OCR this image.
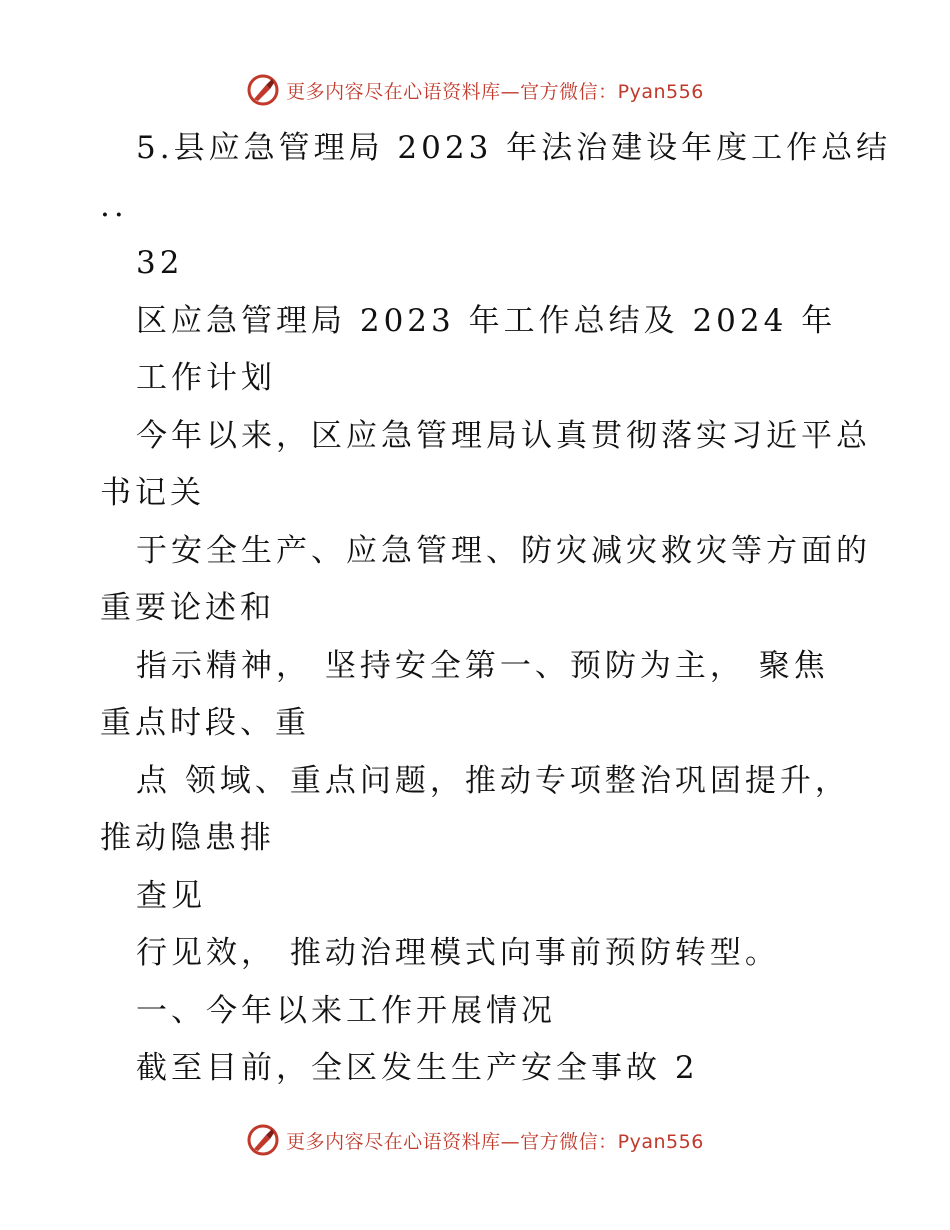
更多内容尽在心语资料库—官方微信：Pyan556
5.县应急管理局 2023 年法治建设年度工作总结
..
32
区应急管理局 2023 年工作总结及 2024 年
工作计划
今年以来，区应急管理局认真贯彻落实习近平总
书记关
于安全生产、应急管理、防灾减灾救灾等方面的
重要论述和
指示精神， 坚持安全第一、预防为主， 聚焦
重点时段、重
点 领域、重点问题，推动专项整治巩固提升，
推动隐患排
查见
行见效， 推动治理模式向事前预防转型。
一、今年以来工作开展情况
截至目前，全区发生生产安全事故 2
更多内容尽在心语资料库—官方微信：Pyan556
